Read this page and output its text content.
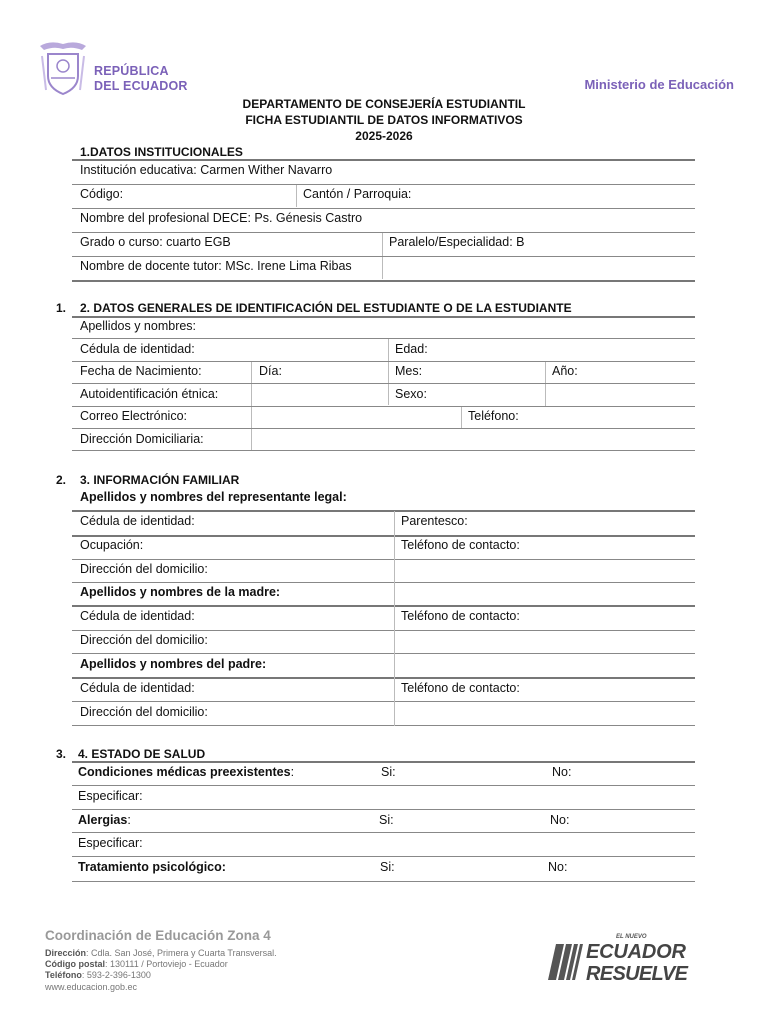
REPÚBLICA
DEL ECUADOR	Ministerio de Educación
DEPARTAMENTO DE CONSEJERÍA ESTUDIANTIL
FICHA ESTUDIANTIL DE DATOS INFORMATIVOS
2025-2026
1.DATOS INSTITUCIONALES
Institución educativa: Carmen Wither Navarro
Código:	Cantón / Parroquia:
Nombre del profesional DECE: Ps. Génesis Castro
Grado o curso: cuarto EGB	Paralelo/Especialidad: B
Nombre de docente tutor: MSc. Irene Lima Ribas
1. 2. DATOS GENERALES DE IDENTIFICACIÓN DEL ESTUDIANTE O DE LA ESTUDIANTE
Apellidos y nombres:
Cédula de identidad:	Edad:
Fecha de Nacimiento:	Día:	Mes:	Año:
Autoidentificación étnica:	Sexo:
Correo Electrónico:	Teléfono:
Dirección Domiciliaria:
2. 3. INFORMACIÓN FAMILIAR
Apellidos y nombres del representante legal:
Cédula de identidad:	Parentesco:
Ocupación:	Teléfono de contacto:
Dirección del domicilio:
Apellidos y nombres de la madre:
Cédula de identidad:	Teléfono de contacto:
Dirección del domicilio:
Apellidos y nombres del padre:
Cédula de identidad:	Teléfono de contacto:
Dirección del domicilio:
3. 4. ESTADO DE SALUD
Condiciones médicas preexistentes:	Si:	No:
Especificar:
Alergias:	Si:	No:
Especificar:
Tratamiento psicológico:	Si:	No:
Coordinación de Educación Zona 4
Dirección: Cdla. San José, Primera y Cuarta Transversal.
Código postal: 130111 / Portoviejo - Ecuador
Teléfono: 593-2-396-1300
www.educacion.gob.ec
EL NUEVO
ECUADOR
RESUELVE
